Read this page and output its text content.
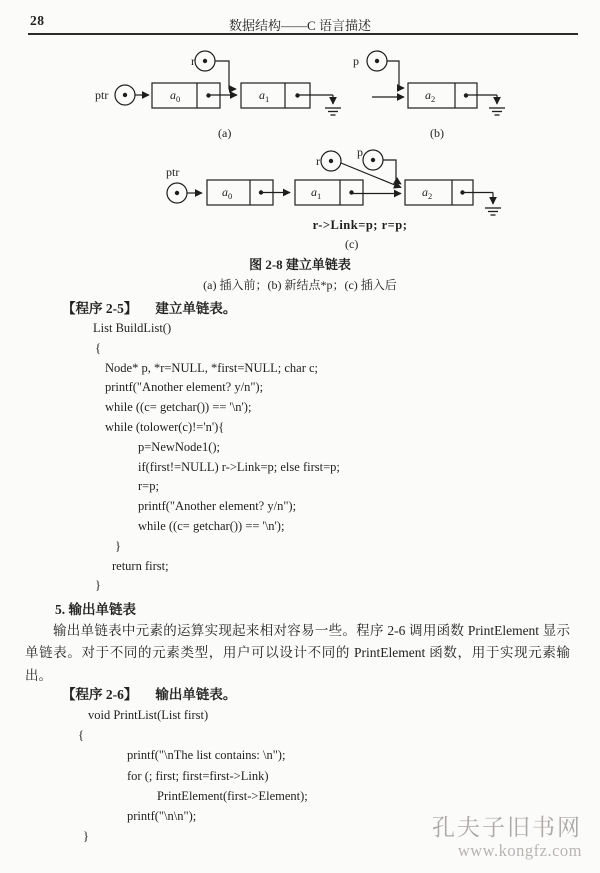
28	数据结构——C 语言描述
ptr	$a_0$
r
$a_1$
(a)
p
$a_2$
(b)
ptr
$a_0$	$a_1$
r
p
$a_2$
r->Link=p; r=p;
(c)
图 2-8 建立单链表
(a) 插入前；(b) 新结点*p；(c) 插入后
【程序 2-5】 建立单链表。
List BuildList()
{
Node* p, *r=NULL, *first=NULL; char c;
printf("Another element? y/n");
while ((c= getchar()) == '\n');
while (tolower(c)!='n'){
p=NewNode1();
if(first!=NULL) r->Link=p; else first=p;
r=p;
printf("Another element? y/n");
while ((c= getchar()) == '\n');
}
return first;
}
5. 输出单链表

输出单链表中元素的运算实现起来相对容易一些。程序 2-6 调用函数 PrintElement 显示单链表。对于不同的元素类型，用户可以设计不同的 PrintElement 函数，用于实现元素输出。

【程序 2-6】 输出单链表。
void PrintList(List first)
{
printf("\nThe list contains: \n");
for (; first; first=first->Link)
PrintElement(first->Element);
printf("\n\n");
}	孔夫子旧书网
www.kongfz.com
